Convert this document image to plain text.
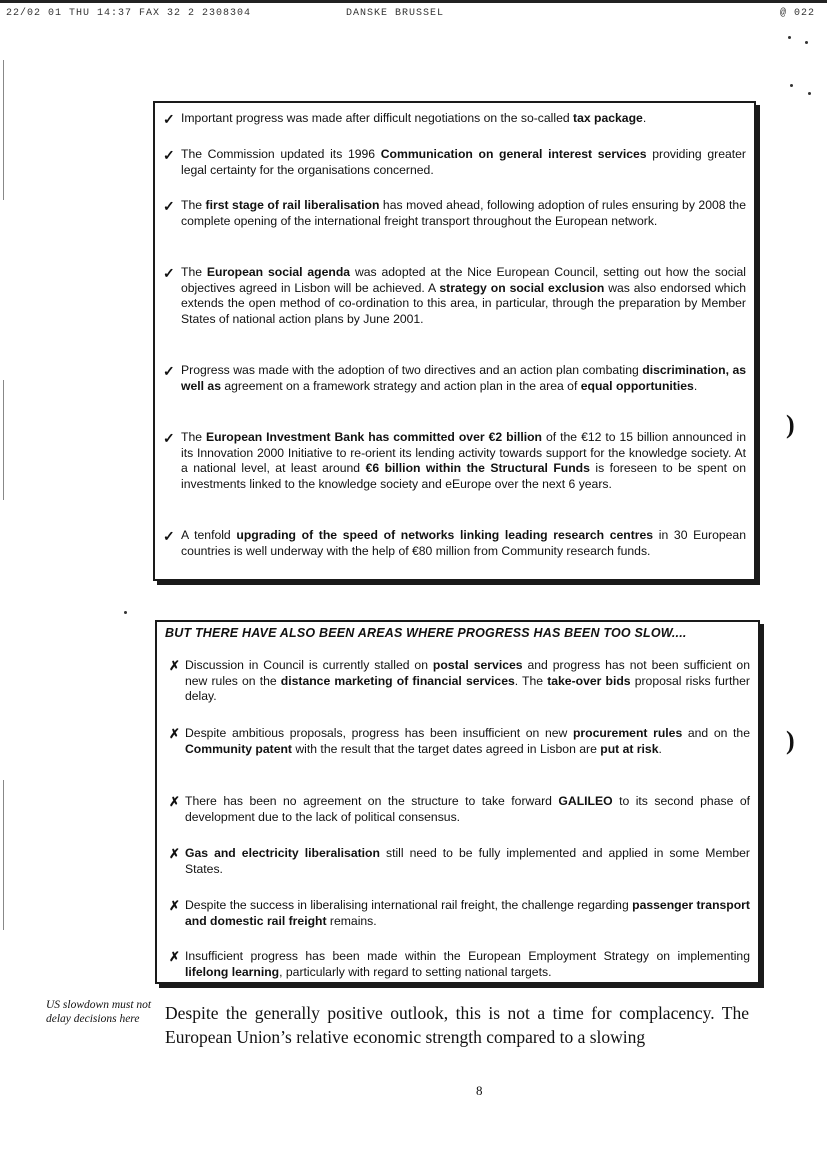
22/02 01 THU 14:37 FAX 32 2 2308304	DANSKE BRUSSEL	@ 022
✓ Important progress was made after difficult negotiations on the so-called tax package.
✓ The Commission updated its 1996 Communication on general interest services providing greater legal certainty for the organisations concerned.
✓ The first stage of rail liberalisation has moved ahead, following adoption of rules ensuring by 2008 the complete opening of the international freight transport throughout the European network.
✓ The European social agenda was adopted at the Nice European Council, setting out how the social objectives agreed in Lisbon will be achieved. A strategy on social exclusion was also endorsed which extends the open method of co-ordination to this area, in particular, through the preparation by Member States of national action plans by June 2001.
✓ Progress was made with the adoption of two directives and an action plan combating discrimination, as well as agreement on a framework strategy and action plan in the area of equal opportunities.
✓ The European Investment Bank has committed over €2 billion of the €12 to 15 billion announced in its Innovation 2000 Initiative to re-orient its lending activity towards support for the knowledge society. At a national level, at least around €6 billion within the Structural Funds is foreseen to be spent on investments linked to the knowledge society and eEurope over the next 6 years.
✓ A tenfold upgrading of the speed of networks linking leading research centres in 30 European countries is well underway with the help of €80 million from Community research funds.
)
BUT THERE HAVE ALSO BEEN AREAS WHERE PROGRESS HAS BEEN TOO SLOW....
✗ Discussion in Council is currently stalled on postal services and progress has not been sufficient on new rules on the distance marketing of financial services. The take-over bids proposal risks further delay.
✗ Despite ambitious proposals, progress has been insufficient on new procurement rules and on the Community patent with the result that the target dates agreed in Lisbon are put at risk.
✗ There has been no agreement on the structure to take forward GALILEO to its second phase of development due to the lack of political consensus.
✗ Gas and electricity liberalisation still need to be fully implemented and applied in some Member States.
✗ Despite the success in liberalising international rail freight, the challenge regarding passenger transport and domestic rail freight remains.
✗ Insufficient progress has been made within the European Employment Strategy on implementing lifelong learning, particularly with regard to setting national targets.
)
US slowdown must not delay decisions here	Despite the generally positive outlook, this is not a time for complacency. The European Union’s relative economic strength compared to a slowing
8
